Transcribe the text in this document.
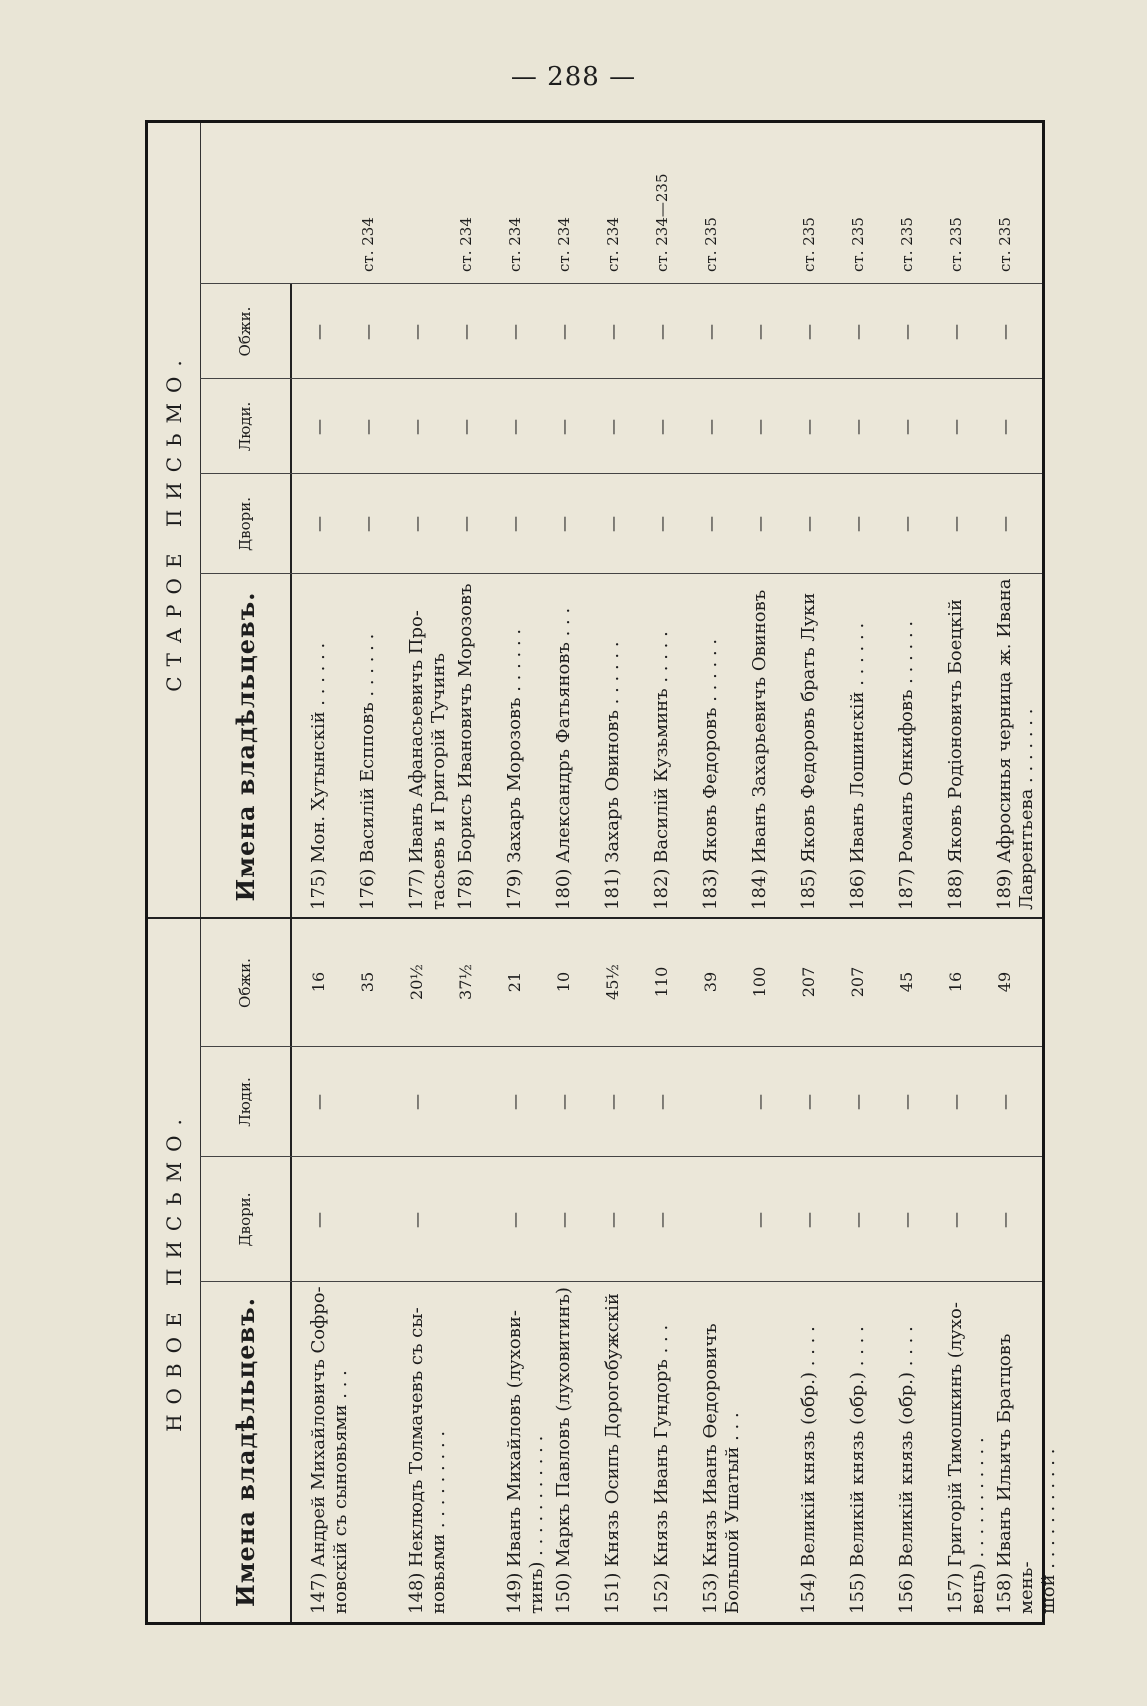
— 288 —
НОВОЕ ПИСЬМО.
СТАРОЕ ПИСЬМО.
Имена владѣльцевъ.
Двори.
Люди.
Обжи.
Имена владѣльцевъ.
Двори.
Люди.
Обжи.
147) Андрей Михайловичъ Софро-
новскій съ сыновьями . . .
—
—
16 35
148) Неклюдъ Толмачевъ съ сы-
новьями . . . . . . . . .
—
—
20½ 37½
149) Иванъ Михайловъ (лухови-
тинъ) . . . . . . . . . . .
—
—
21
150) Маркъ Павловъ (луховитинъ)
—
—
10
151) Князь Осипъ Дорогобужскій
—
—
45½
152) Князь Иванъ Гундоръ . . .
—
—
110
153) Князь Иванъ Ѳедоровичъ
Большой Ушатый . . .
39
—
—
100
154) Великій князь (обр.) . . . .
—
—
207
155) Великій князь (обр.) . . . .
—
—
207
156) Великій князь (обр.) . . . .
—
—
45
157) Григорій Тимошкинъ (лухо-
вецъ) . . . . . . . . . . .
—
—
16
158) Иванъ Ильичъ Братцовъ мень-
шой . . . . . . . . . . .
—
—
49
175) Мон. Хутынскій . . . . . .
—
—
—
176) Василій Еспповъ . . . . . .
—
—
—
ст. 234
177) Иванъ Афанасьевичъ Про-
тасьевъ и Григорій Тучинъ
—
—
—
178) Борисъ Ивановичъ Морозовъ
—
—
—
ст. 234
179) Захаръ Морозовъ . . . . . .
—
—
—
ст. 234
180) Александръ Фатьяновъ . . .
—
—
—
ст. 234
181) Захаръ Овиновъ . . . . . .
—
—
—
ст. 234
182) Василій Кузьминъ . . . . .
—
—
—
ст. 234—235
183) Яковъ Федоровъ . . . . . .
—
—
—
ст. 235
184) Иванъ Захарьевичъ Овиновъ
—
—
—
185) Яковъ Федоровъ братъ Луки
—
—
—
ст. 235
186) Иванъ Лошинскій . . . . . .
—
—
—
ст. 235
187) Романъ Онкифовъ . . . . . .
—
—
—
ст. 235
188) Яковъ Родіоновичъ Боецкій
—
—
—
ст. 235
189) Афросинья черница ж. Ивана
Лаврентьева . . . . . . .
—
—
—
ст. 235
